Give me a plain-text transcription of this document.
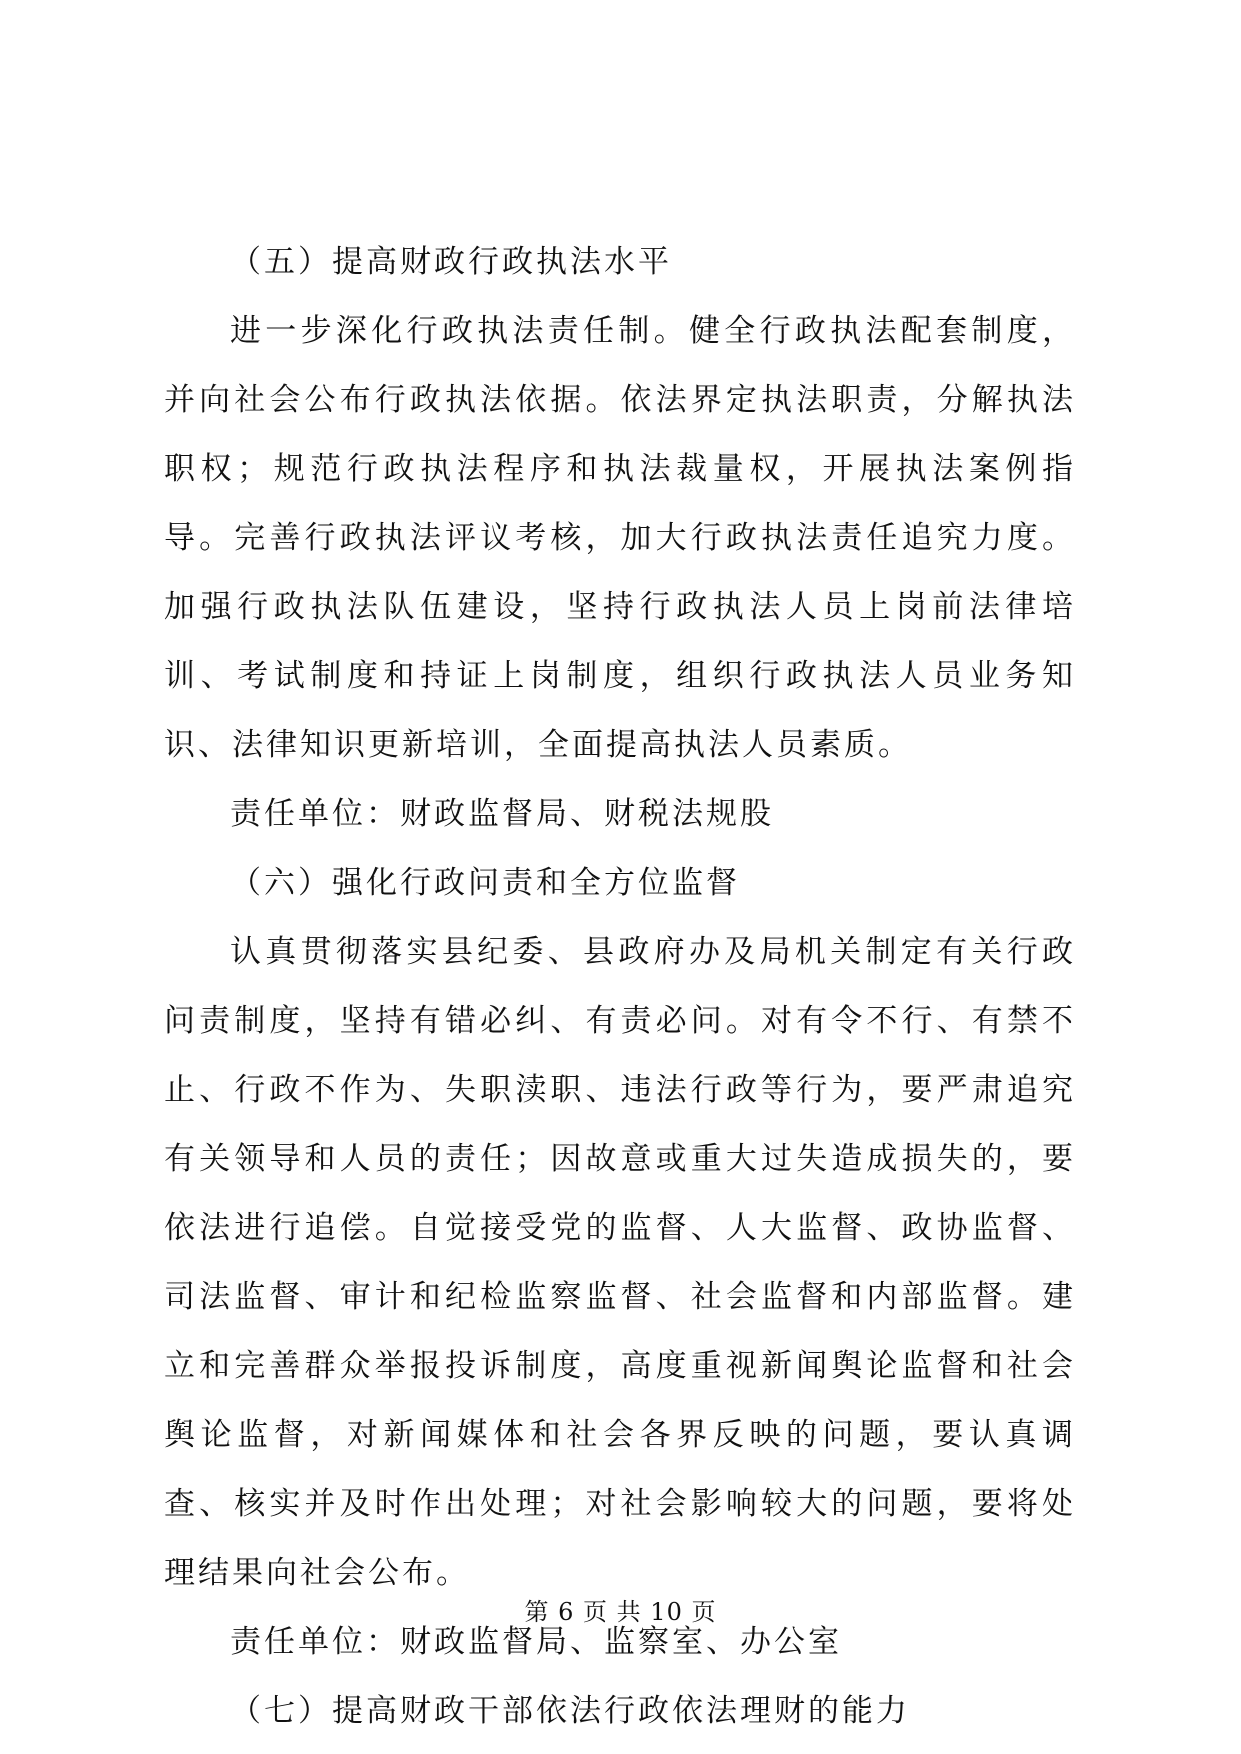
（五）提高财政行政执法水平

进一步深化行政执法责任制。健全行政执法配套制度，并向社会公布行政执法依据。依法界定执法职责，分解执法职权；规范行政执法程序和执法裁量权，开展执法案例指导。完善行政执法评议考核，加大行政执法责任追究力度。加强行政执法队伍建设，坚持行政执法人员上岗前法律培训、考试制度和持证上岗制度，组织行政执法人员业务知识、法律知识更新培训，全面提高执法人员素质。

责任单位：财政监督局、财税法规股

（六）强化行政问责和全方位监督

认真贯彻落实县纪委、县政府办及局机关制定有关行政问责制度，坚持有错必纠、有责必问。对有令不行、有禁不止、行政不作为、失职渎职、违法行政等行为，要严肃追究有关领导和人员的责任；因故意或重大过失造成损失的，要依法进行追偿。自觉接受党的监督、人大监督、政协监督、司法监督、审计和纪检监察监督、社会监督和内部监督。建立和完善群众举报投诉制度，高度重视新闻舆论监督和社会舆论监督，对新闻媒体和社会各界反映的问题，要认真调查、核实并及时作出处理；对社会影响较大的问题，要将处理结果向社会公布。

责任单位：财政监督局、监察室、办公室

（七）提高财政干部依法行政依法理财的能力

第 6 页 共 10 页
